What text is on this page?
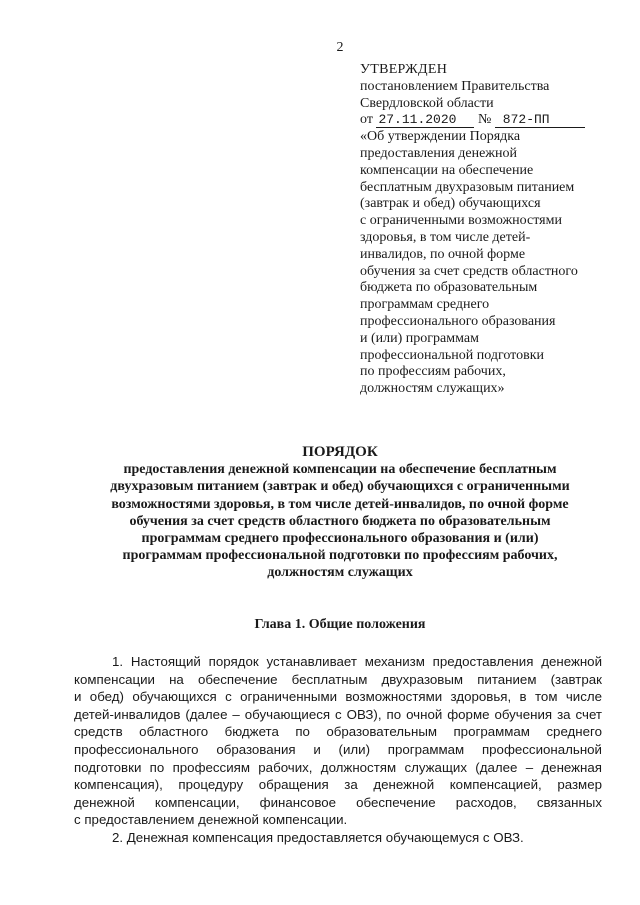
2
УТВЕРЖДЕН
постановлением Правительства
Свердловской области
от 27.11.2020 № 872-ПП
«Об утверждении Порядка
предоставления денежной
компенсации на обеспечение
бесплатным двухразовым питанием
(завтрак и обед) обучающихся
с ограниченными возможностями
здоровья, в том числе детей-
инвалидов, по очной форме
обучения за счет средств областного
бюджета по образовательным
программам среднего
профессионального образования
и (или) программам
профессиональной подготовки
по профессиям рабочих,
должностям служащих»
ПОРЯДОК
предоставления денежной компенсации на обеспечение бесплатным
двухразовым питанием (завтрак и обед) обучающихся с ограниченными
возможностями здоровья, в том числе детей-инвалидов, по очной форме
обучения за счет средств областного бюджета по образовательным
программам среднего профессионального образования и (или)
программам профессиональной подготовки по профессиям рабочих,
должностям служащих
Глава 1. Общие положения
1. Настоящий порядок устанавливает механизм предоставления денежной
компенсации на обеспечение бесплатным двухразовым питанием (завтрак
и обед) обучающихся с ограниченными возможностями здоровья, в том числе
детей-инвалидов (далее – обучающиеся с ОВЗ), по очной форме обучения за счет
средств областного бюджета по образовательным программам среднего
профессионального образования и (или) программам профессиональной
подготовки по профессиям рабочих, должностям служащих (далее – денежная
компенсация), процедуру обращения за денежной компенсацией, размер
денежной компенсации, финансовое обеспечение расходов, связанных
с предоставлением денежной компенсации.
2. Денежная компенсация предоставляется обучающемуся с ОВЗ.
